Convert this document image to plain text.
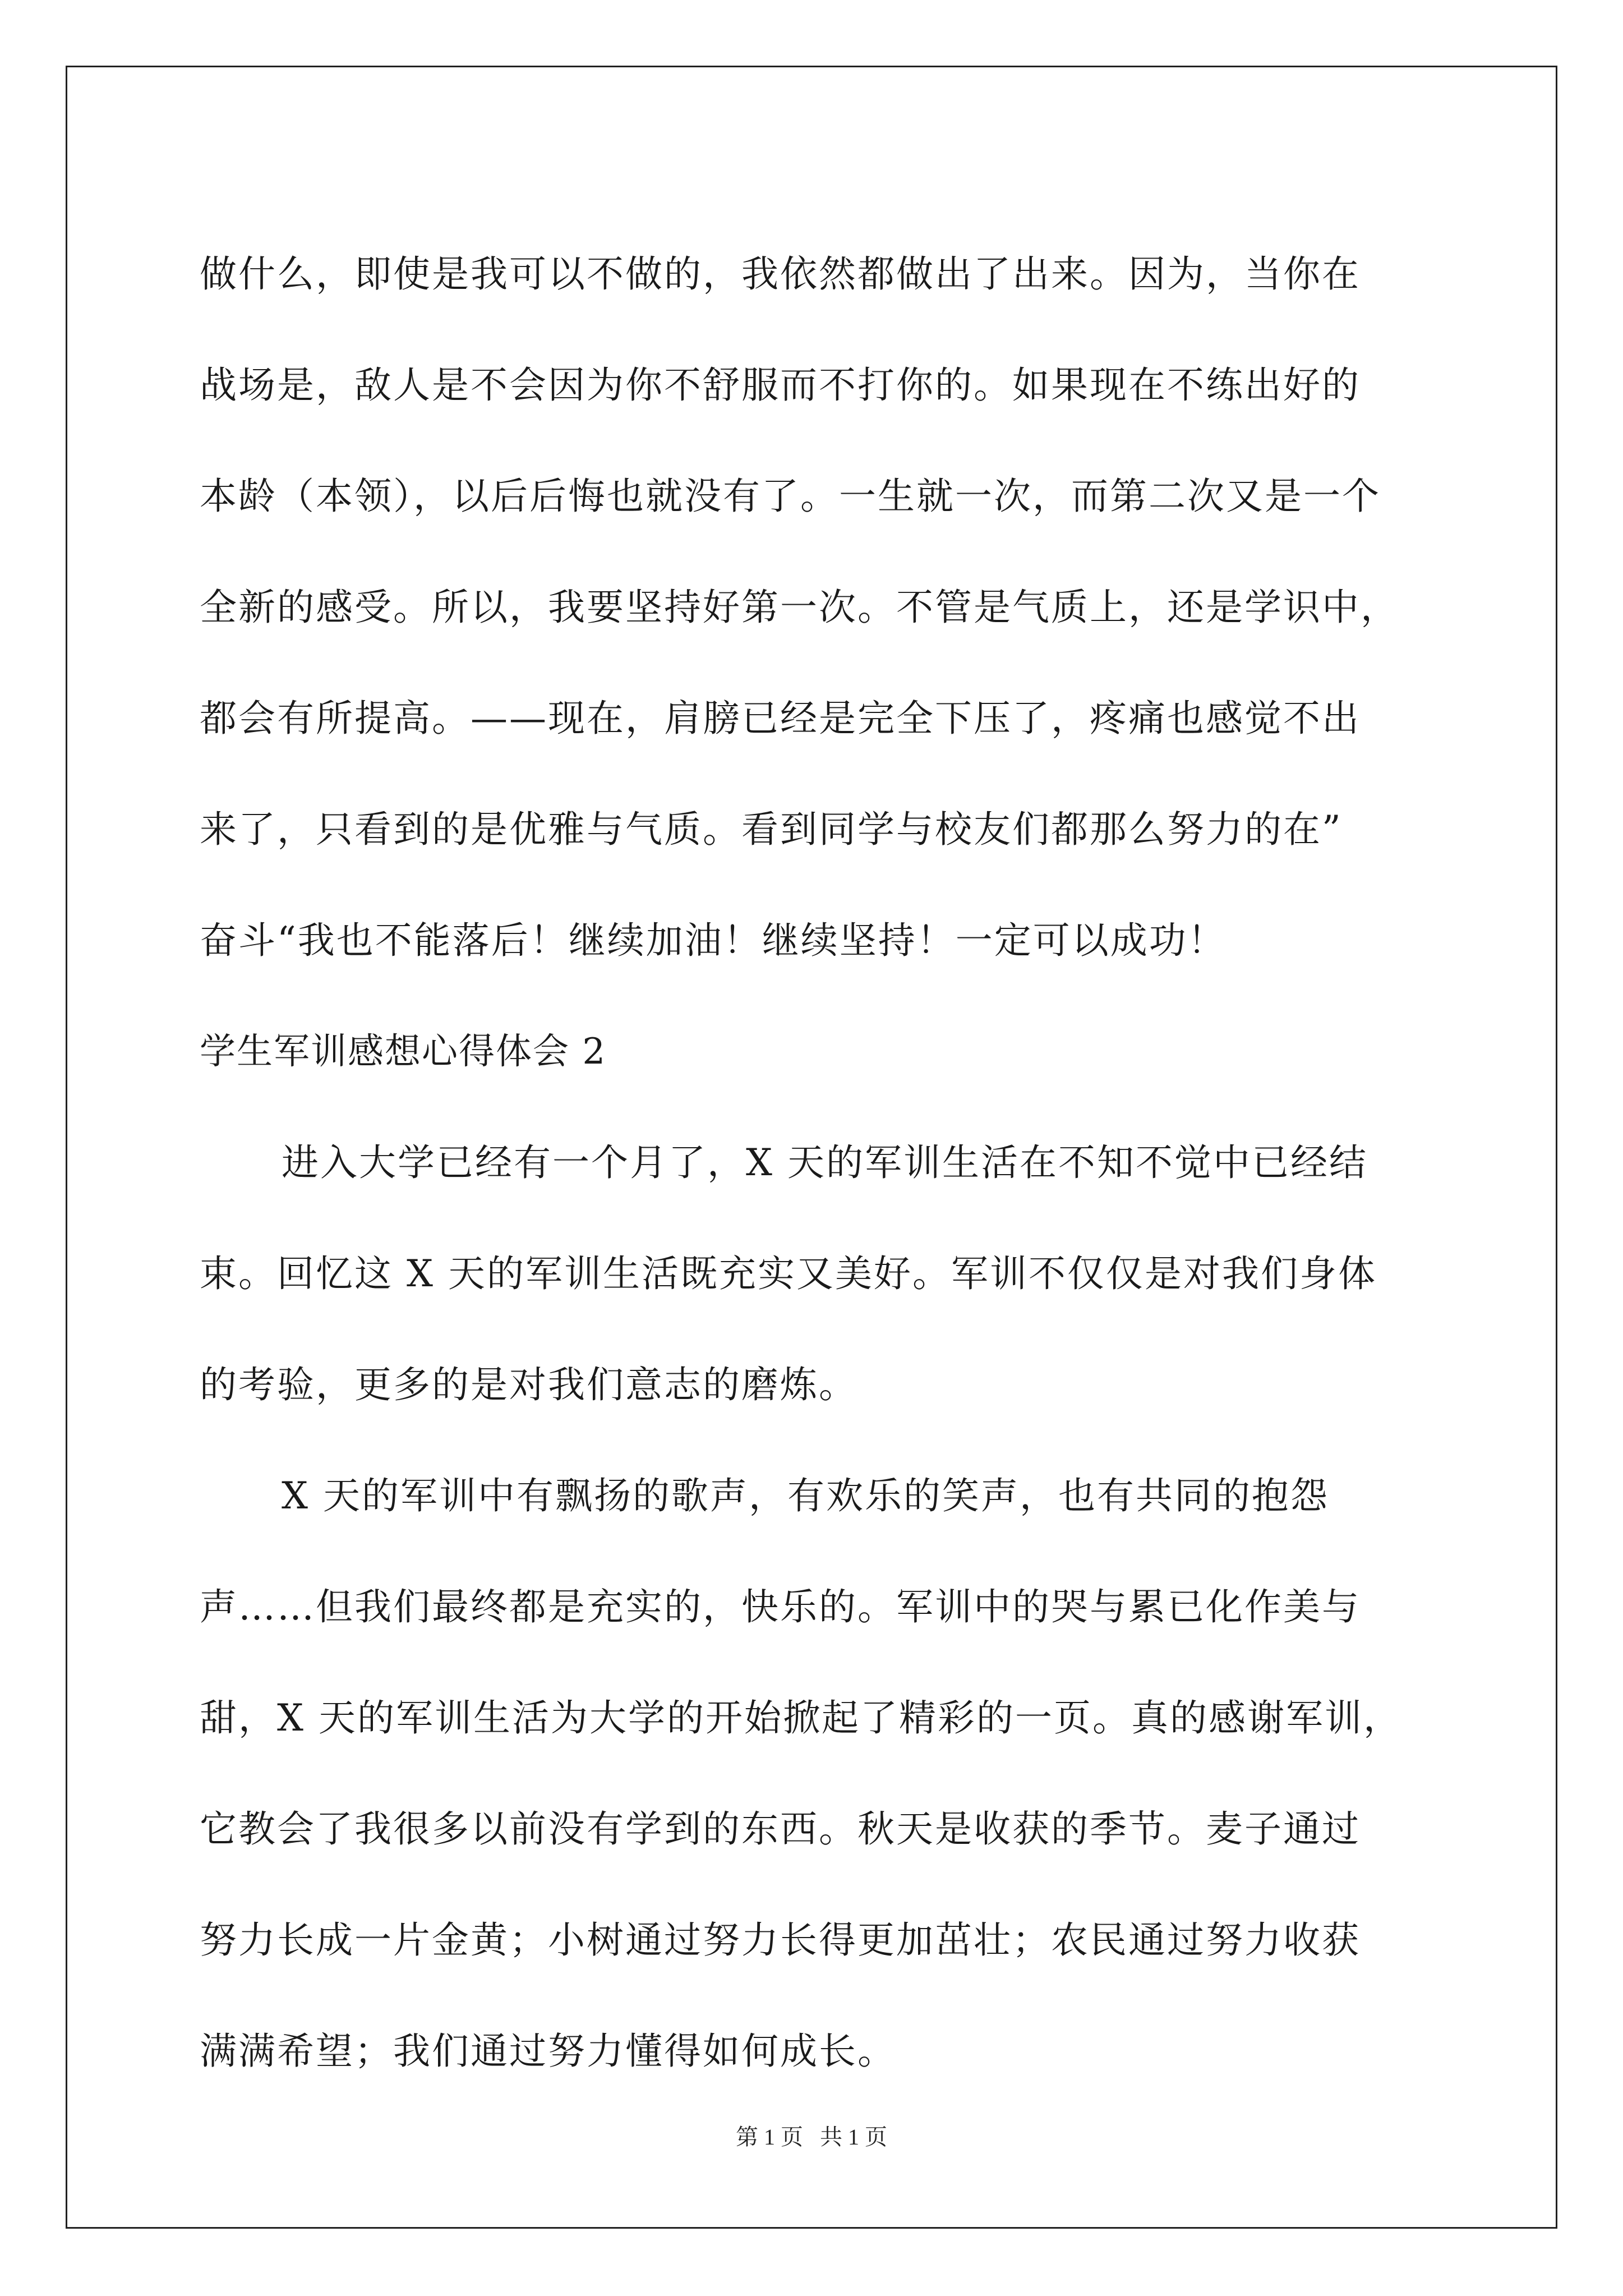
做什么，即使是我可以不做的，我依然都做出了出来。因为，当你在
战场是，敌人是不会因为你不舒服而不打你的。如果现在不练出好的
本龄（本领），以后后悔也就没有了。一生就一次，而第二次又是一个
全新的感受。所以，我要坚持好第一次。不管是气质上，还是学识中，
都会有所提高。——现在，肩膀已经是完全下压了，疼痛也感觉不出
来了，只看到的是优雅与气质。看到同学与校友们都那么努力的在”
奋斗“我也不能落后！继续加油！继续坚持！一定可以成功！
学生军训感想心得体会 2
进入大学已经有一个月了，X 天的军训生活在不知不觉中已经结
束。回忆这 X 天的军训生活既充实又美好。军训不仅仅是对我们身体
的考验，更多的是对我们意志的磨炼。
X 天的军训中有飘扬的歌声，有欢乐的笑声，也有共同的抱怨
声……但我们最终都是充实的，快乐的。军训中的哭与累已化作美与
甜，X 天的军训生活为大学的开始掀起了精彩的一页。真的感谢军训，
它教会了我很多以前没有学到的东西。秋天是收获的季节。麦子通过
努力长成一片金黄；小树通过努力长得更加茁壮；农民通过努力收获
满满希望；我们通过努力懂得如何成长。
第 1 页   共 1 页
